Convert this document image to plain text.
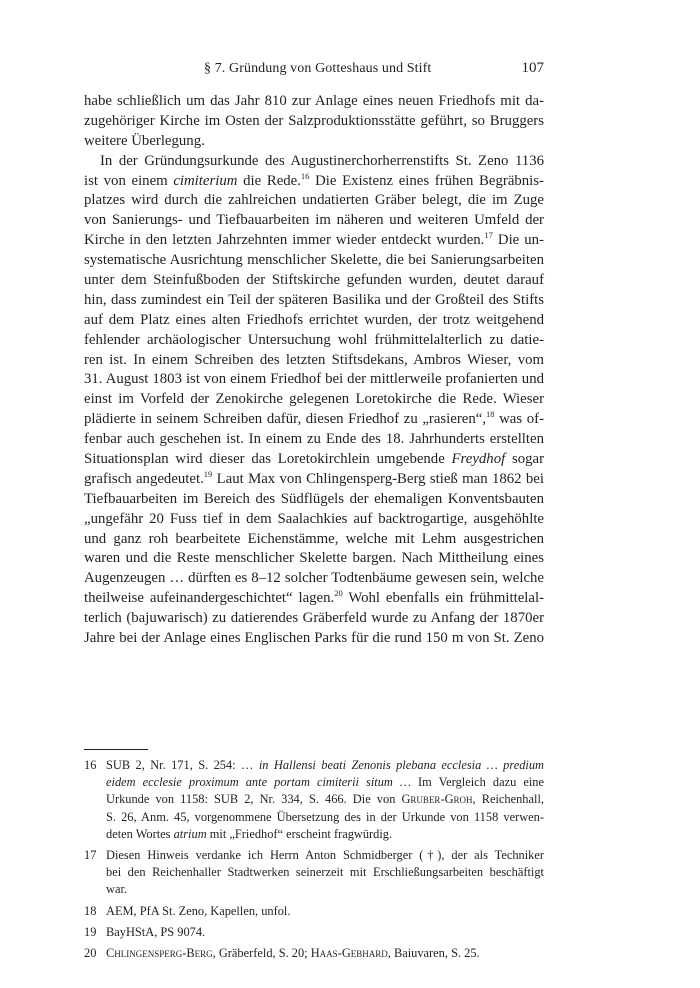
§ 7. Gründung von Gotteshaus und Stift	107
habe schließlich um das Jahr 810 zur Anlage eines neuen Friedhofs mit da-
zugehöriger Kirche im Osten der Salzproduktionsstätte geführt, so Bruggers
weitere Überlegung.
In der Gründungsurkunde des Augustinerchorherrenstifts St. Zeno 1136
ist von einem cimiterium die Rede.$^{16}$ Die Existenz eines frühen Begräbnis-
platzes wird durch die zahlreichen undatierten Gräber belegt, die im Zuge
von Sanierungs- und Tiefbauarbeiten im näheren und weiteren Umfeld der
Kirche in den letzten Jahrzehnten immer wieder entdeckt wurden.$^{17}$ Die un-
systematische Ausrichtung menschlicher Skelette, die bei Sanierungsarbeiten
unter dem Steinfußboden der Stiftskirche gefunden wurden, deutet darauf
hin, dass zumindest ein Teil der späteren Basilika und der Großteil des Stifts
auf dem Platz eines alten Friedhofs errichtet wurden, der trotz weitgehend
fehlender archäologischer Untersuchung wohl frühmittelalterlich zu datie-
ren ist. In einem Schreiben des letzten Stiftsdekans, Ambros Wieser, vom
31. August 1803 ist von einem Friedhof bei der mittlerweile profanierten und
einst im Vorfeld der Zenokirche gelegenen Loretokirche die Rede. Wieser
plädierte in seinem Schreiben dafür, diesen Friedhof zu „rasieren“,$^{18}$ was of-
fenbar auch geschehen ist. In einem zu Ende des 18. Jahrhunderts erstellten
Situationsplan wird dieser das Loretokirchlein umgebende Freydhof sogar
grafisch angedeutet.$^{19}$ Laut Max von Chlingensperg-Berg stieß man 1862 bei
Tiefbauarbeiten im Bereich des Südflügels der ehemaligen Konventsbauten
„ungefähr 20 Fuss tief in dem Saalachkies auf backtrogartige, ausgehöhlte
und ganz roh bearbeitete Eichenstämme, welche mit Lehm ausgestrichen
waren und die Reste menschlicher Skelette bargen. Nach Mittheilung eines
Augenzeugen … dürften es 8–12 solcher Todtenbäume gewesen sein, welche
theilweise aufeinandergeschichtet“ lagen.$^{20}$ Wohl ebenfalls ein frühmittelal-
terlich (bajuwarisch) zu datierendes Gräberfeld wurde zu Anfang der 1870er
Jahre bei der Anlage eines Englischen Parks für die rund 150 m von St. Zeno
16 SUB 2, Nr. 171, S. 254: … in Hallensi beati Zenonis plebana ecclesia … predium
eidem ecclesie proximum ante portam cimiterii situm … Im Vergleich dazu eine
Urkunde von 1158: SUB 2, Nr. 334, S. 466. Die von Gruber-Groh, Reichenhall,
S. 26, Anm. 45, vorgenommene Übersetzung des in der Urkunde von 1158 verwen-
deten Wortes atrium mit „Friedhof“ erscheint fragwürdig.
17 Diesen Hinweis verdanke ich Herrn Anton Schmidberger (†), der als Techniker
bei den Reichenhaller Stadtwerken seinerzeit mit Erschließungsarbeiten beschäftigt
war.
18 AEM, PfA St. Zeno, Kapellen, unfol.
19 BayHStA, PS 9074.
20 Chlingensperg-Berg, Gräberfeld, S. 20; Haas-Gebhard, Baiuvaren, S. 25.
